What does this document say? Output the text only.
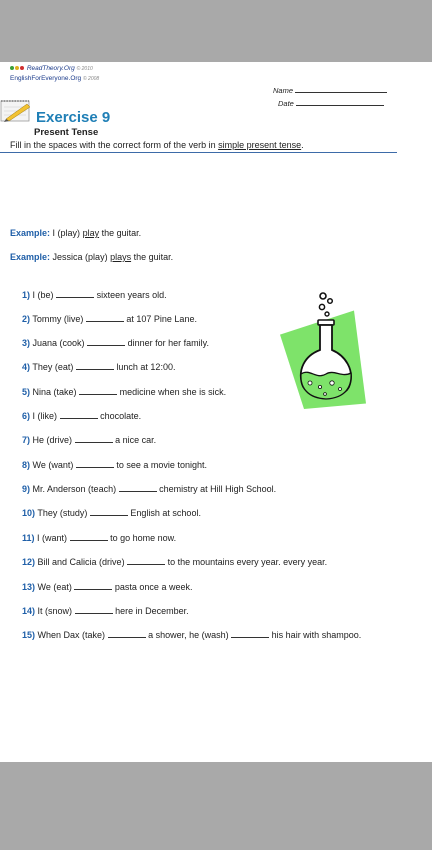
ReadTheory.Org © 2010
EnglishForEveryone.Org © 2008
Name
Date
Exercise 9
Present Tense
Fill in the spaces with the correct form of the verb in simple present tense.
Example: I (play) play the guitar.
Example: Jessica (play) plays the guitar.
1) I (be)	sixteen years old.
2) Tommy (live)	at 107 Pine Lane.
3) Juana (cook)	dinner for her family.
4) They (eat)	lunch at 12:00.
5) Nina (take)	medicine when she is sick.
6) I (like)	chocolate.
7) He (drive)	a nice car.
8) We (want)	to see a movie tonight.
9) Mr. Anderson (teach)	chemistry at Hill High School.
10) They (study)	English at school.
11) I (want)	to go home now.
12) Bill and Calicia (drive)	to the mountains every year. every year.
13) We (eat)	pasta once a week.
14) It (snow)	here in December.
15) When Dax (take)	a shower, he (wash)	his hair with shampoo.
